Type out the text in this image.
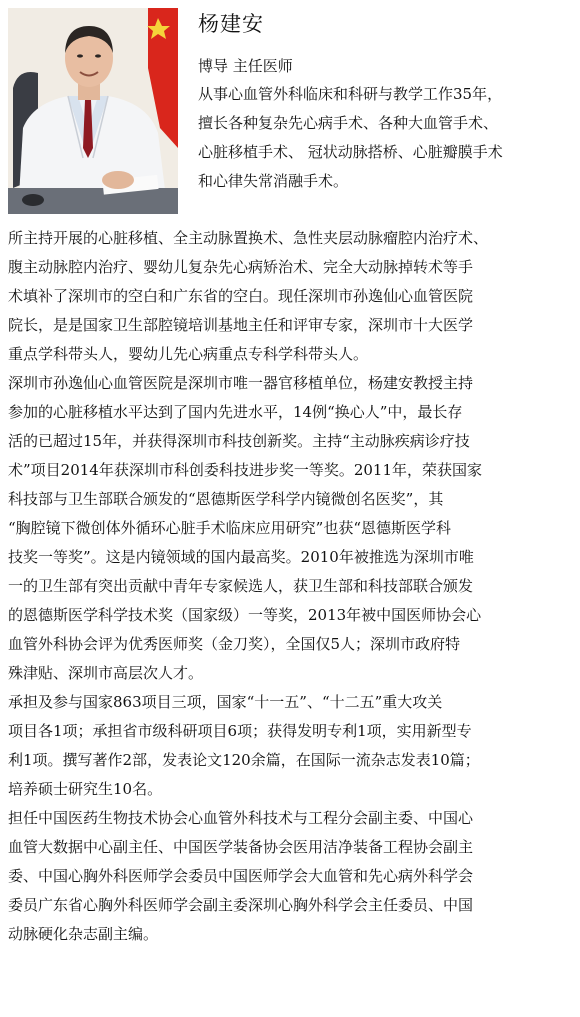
杨建安
博导 主任医师
从事心血管外科临床和科研与教学工作35年，
擅长各种复杂先心病手术、各种大血管手术、
心脏移植手术、 冠状动脉搭桥、心脏瓣膜手术
和心律失常消融手术。

所主持开展的心脏移植、全主动脉置换术、急性夹层动脉瘤腔内治疗术、
腹主动脉腔内治疗、婴幼儿复杂先心病矫治术、完全大动脉掉转术等手
术填补了深圳市的空白和广东省的空白。现任深圳市孙逸仙心血管医院
院长，是是国家卫生部腔镜培训基地主任和评审专家，深圳市十大医学
重点学科带头人，婴幼儿先心病重点专科学科带头人。

深圳市孙逸仙心血管医院是深圳市唯一器官移植单位，杨建安教授主持
参加的心脏移植水平达到了国内先进水平，14例“换心人”中，最长存
活的已超过15年，并获得深圳市科技创新奖。主持“主动脉疾病诊疗技
术”项目2014年获深圳市科创委科技进步奖一等奖。2011年，荣获国家
科技部与卫生部联合颁发的“恩德斯医学科学内镜微创名医奖”，其
“胸腔镜下微创体外循环心脏手术临床应用研究”也获“恩德斯医学科
技奖一等奖”。这是内镜领域的国内最高奖。2010年被推选为深圳市唯
一的卫生部有突出贡献中青年专家候选人，获卫生部和科技部联合颁发
的恩德斯医学科学技术奖（国家级）一等奖，2013年被中国医师协会心
血管外科协会评为优秀医师奖（金刀奖），全国仅5人；深圳市政府特
殊津贴、深圳市高层次人才。

承担及参与国家863项目三项，国家“十一五”、“十二五”重大攻关
项目各1项；承担省市级科研项目6项；获得发明专利1项，实用新型专
利1项。撰写著作2部，发表论文120余篇，在国际一流杂志发表10篇；
培养硕士研究生10名。

担任中国医药生物技术协会心血管外科技术与工程分会副主委、中国心
血管大数据中心副主任、中国医学装备协会医用洁净装备工程协会副主
委、中国心胸外科医师学会委员中国医师学会大血管和先心病外科学会
委员广东省心胸外科医师学会副主委深圳心胸外科学会主任委员、中国
动脉硬化杂志副主编。
